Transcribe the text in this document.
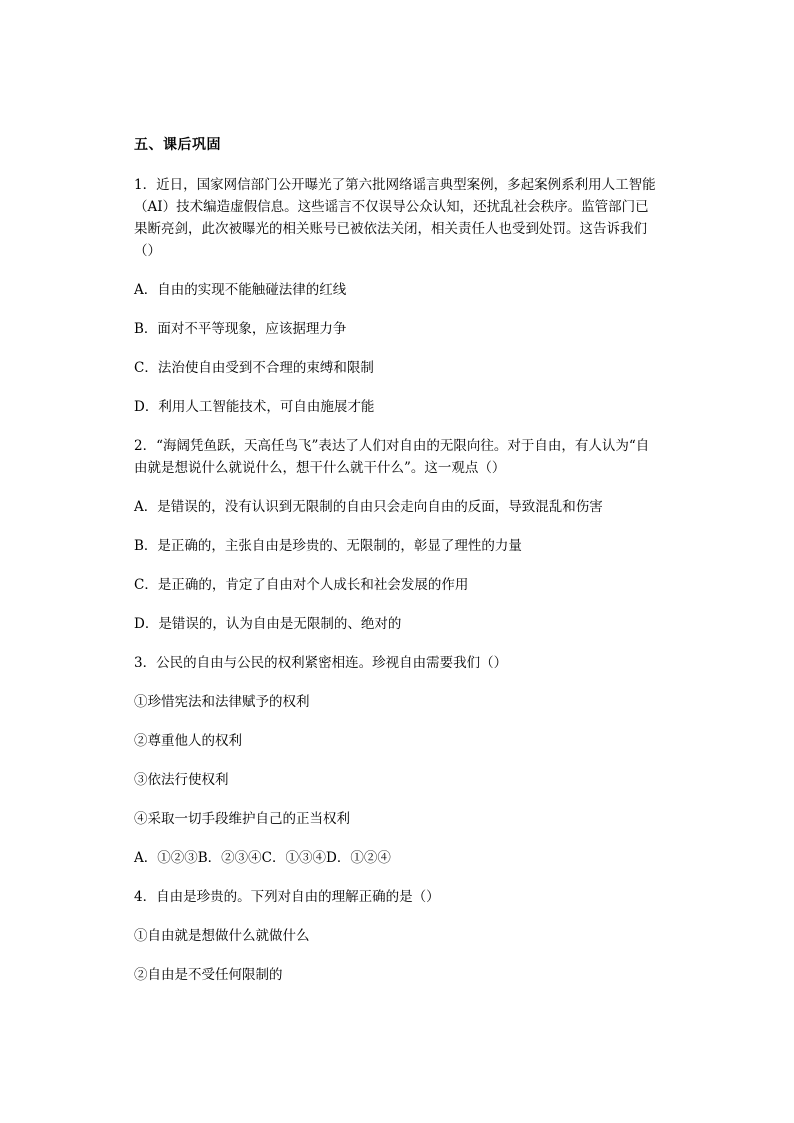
五、课后巩固
1．近日，国家网信部门公开曝光了第六批网络谣言典型案例，多起案例系利用人工智能（AI）技术编造虚假信息。这些谣言不仅误导公众认知，还扰乱社会秩序。监管部门已果断亮剑，此次被曝光的相关账号已被依法关闭，相关责任人也受到处罚。这告诉我们（）
A．自由的实现不能触碰法律的红线
B．面对不平等现象，应该据理力争
C．法治使自由受到不合理的束缚和限制
D．利用人工智能技术，可自由施展才能
2．“海阔凭鱼跃，天高任鸟飞”表达了人们对自由的无限向往。对于自由，有人认为“自由就是想说什么就说什么，想干什么就干什么”。这一观点（）
A．是错误的，没有认识到无限制的自由只会走向自由的反面，导致混乱和伤害
B．是正确的，主张自由是珍贵的、无限制的，彰显了理性的力量
C．是正确的，肯定了自由对个人成长和社会发展的作用
D．是错误的，认为自由是无限制的、绝对的
3．公民的自由与公民的权利紧密相连。珍视自由需要我们（）
①珍惜宪法和法律赋予的权利
②尊重他人的权利
③依法行使权利
④采取一切手段维护自己的正当权利
A．①②③B．②③④C．①③④D．①②④
4．自由是珍贵的。下列对自由的理解正确的是（）
①自由就是想做什么就做什么
②自由是不受任何限制的
